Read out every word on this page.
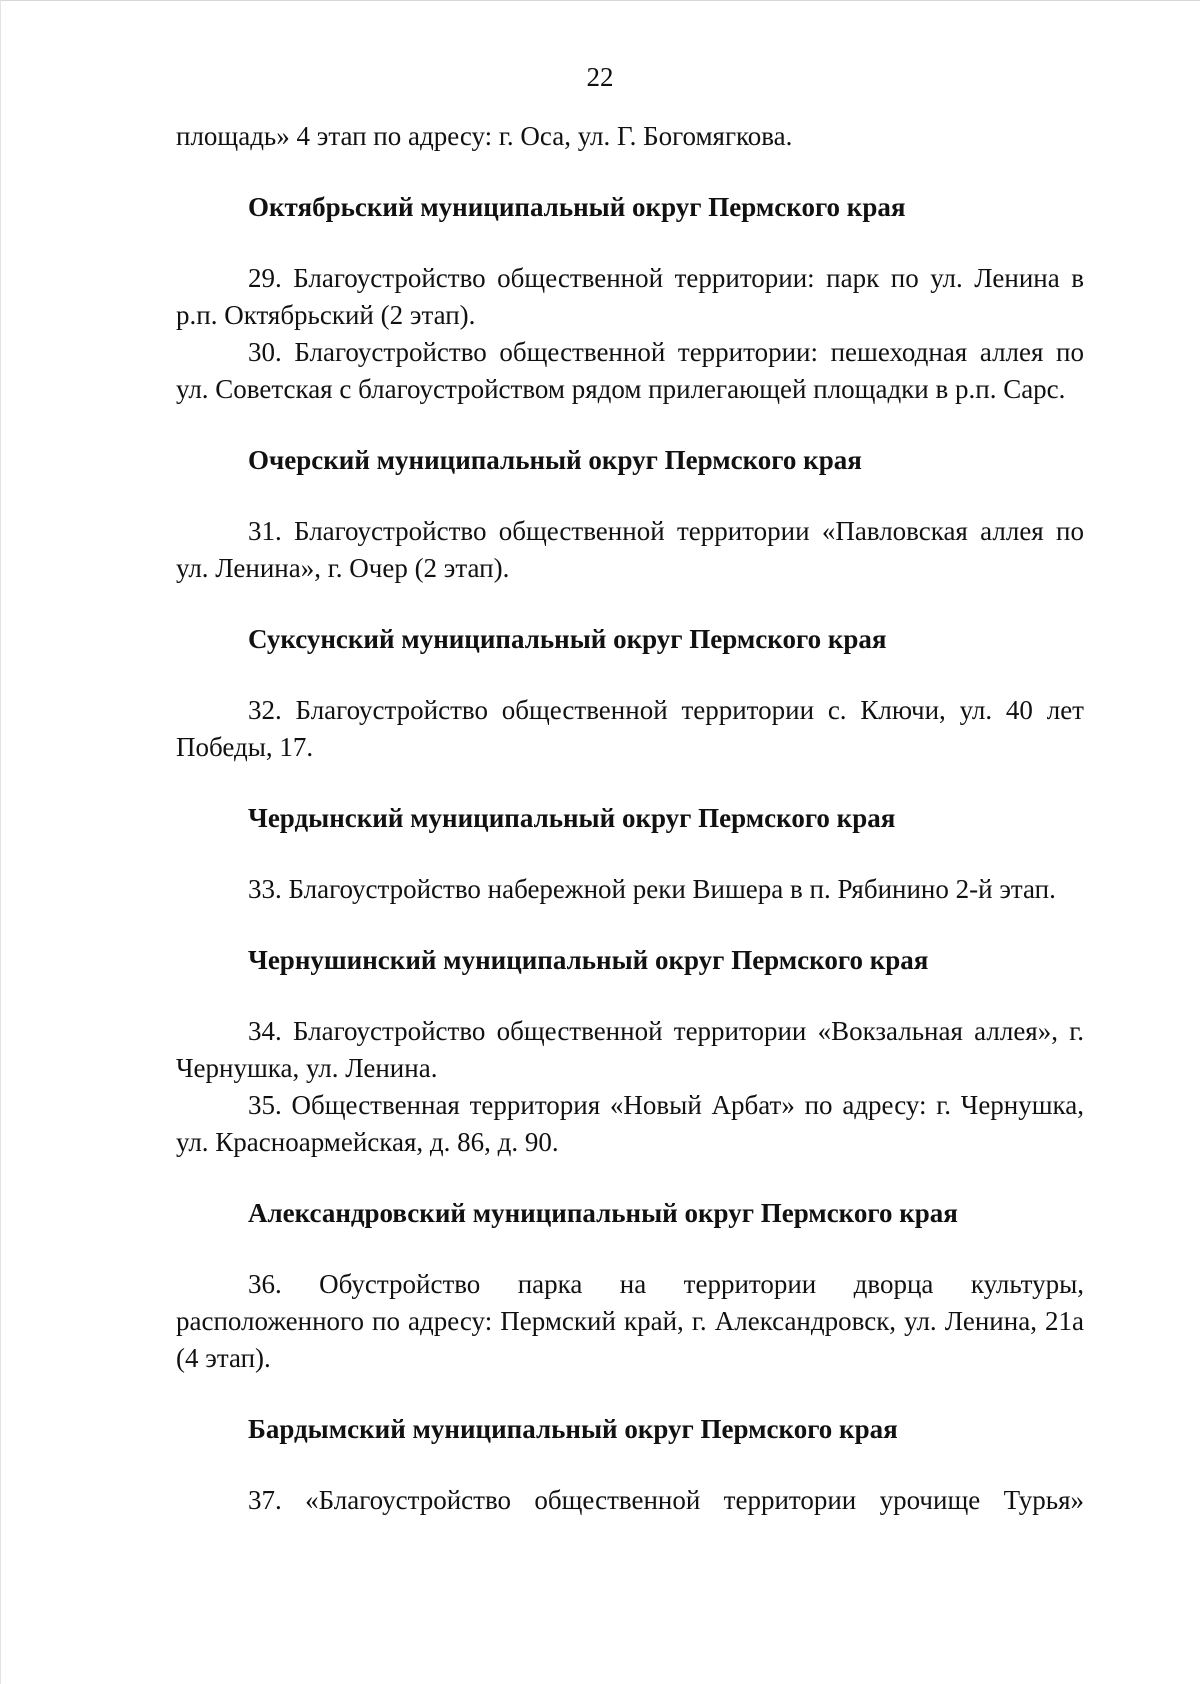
22

площадь» 4 этап по адресу: г. Оса, ул. Г. Богомягкова.

Октябрьский муниципальный округ Пермского края

29. Благоустройство общественной территории: парк по ул. Ленина в р.п. Октябрьский (2 этап).

30. Благоустройство общественной территории: пешеходная аллея по ул. Советская с благоустройством рядом прилегающей площадки в р.п. Сарс.

Очерский муниципальный округ Пермского края

31. Благоустройство общественной территории «Павловская аллея по ул. Ленина», г. Очер (2 этап).

Суксунский муниципальный округ Пермского края

32. Благоустройство общественной территории с. Ключи, ул. 40 лет Победы, 17.

Чердынский муниципальный округ Пермского края

33. Благоустройство набережной реки Вишера в п. Рябинино 2-й этап.

Чернушинский муниципальный округ Пермского края

34. Благоустройство общественной территории «Вокзальная аллея», г. Чернушка, ул. Ленина.

35. Общественная территория «Новый Арбат» по адресу: г. Чернушка, ул. Красноармейская, д. 86, д. 90.

Александровский муниципальный округ Пермского края

36. Обустройство парка на территории дворца культуры, расположенного по адресу: Пермский край, г. Александровск, ул. Ленина, 21а (4 этап).

Бардымский муниципальный округ Пермского края

37. «Благоустройство общественной территории урочище Турья»
